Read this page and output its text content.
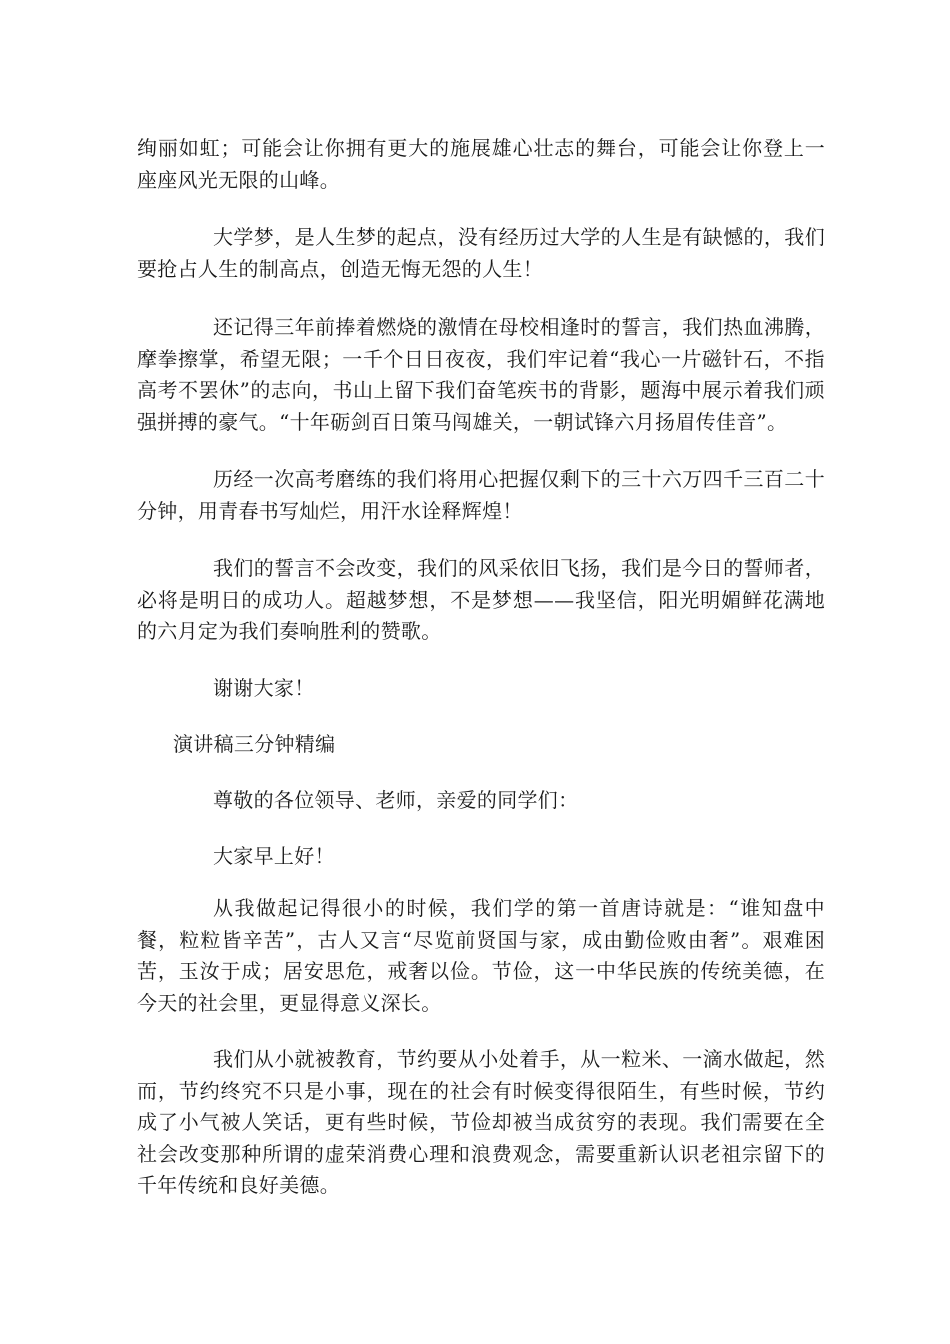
绚丽如虹；可能会让你拥有更大的施展雄心壮志的舞台，可能会让你登上一座座风光无限的山峰。

大学梦，是人生梦的起点，没有经历过大学的人生是有缺憾的，我们要抢占人生的制高点，创造无悔无怨的人生！

还记得三年前捧着燃烧的激情在母校相逢时的誓言，我们热血沸腾，摩拳擦掌，希望无限；一千个日日夜夜，我们牢记着“我心一片磁针石，不指高考不罢休”的志向，书山上留下我们奋笔疾书的背影，题海中展示着我们顽强拼搏的豪气。“十年砺剑百日策马闯雄关，一朝试锋六月扬眉传佳音”。

历经一次高考磨练的我们将用心把握仅剩下的三十六万四千三百二十分钟，用青春书写灿烂，用汗水诠释辉煌！

我们的誓言不会改变，我们的风采依旧飞扬，我们是今日的誓师者，必将是明日的成功人。超越梦想，不是梦想——我坚信，阳光明媚鲜花满地的六月定为我们奏响胜利的赞歌。

谢谢大家！

演讲稿三分钟精编

尊敬的各位领导、老师，亲爱的同学们：

大家早上好！

从我做起记得很小的时候，我们学的第一首唐诗就是：“谁知盘中餐，粒粒皆辛苦”，古人又言“尽览前贤国与家，成由勤俭败由奢”。艰难困苦，玉汝于成；居安思危，戒奢以俭。节俭，这一中华民族的传统美德，在今天的社会里，更显得意义深长。

我们从小就被教育，节约要从小处着手，从一粒米、一滴水做起，然而，节约终究不只是小事，现在的社会有时候变得很陌生，有些时候，节约成了小气被人笑话，更有些时候，节俭却被当成贫穷的表现。我们需要在全社会改变那种所谓的虚荣消费心理和浪费观念，需要重新认识老祖宗留下的千年传统和良好美德。
